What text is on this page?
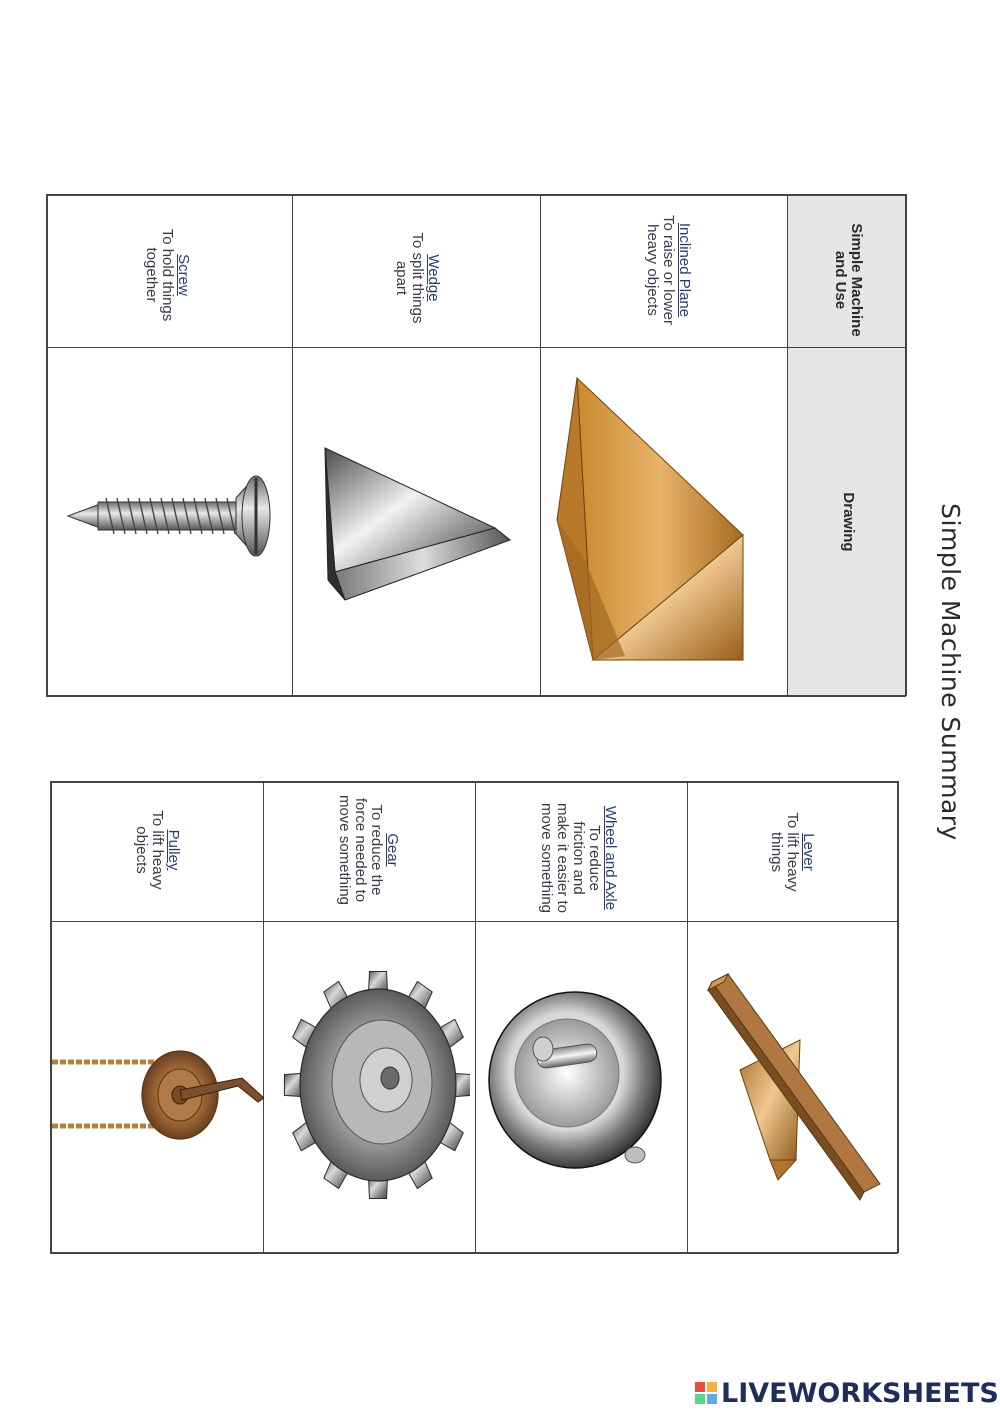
Simple Machine Summary
Simple Machine
and Use
Drawing
Inclined Plane
To raise or lower
heavy objects
Wedge
To split things
apart
Screw
To hold things
together
Lever
To lift heavy
things
Wheel and Axle
To reduce
friction and
make it easier to
move something
Gear
To reduce the
force needed to
move something
Pulley
To lift heavy
objects
LIVEWORKSHEETS
